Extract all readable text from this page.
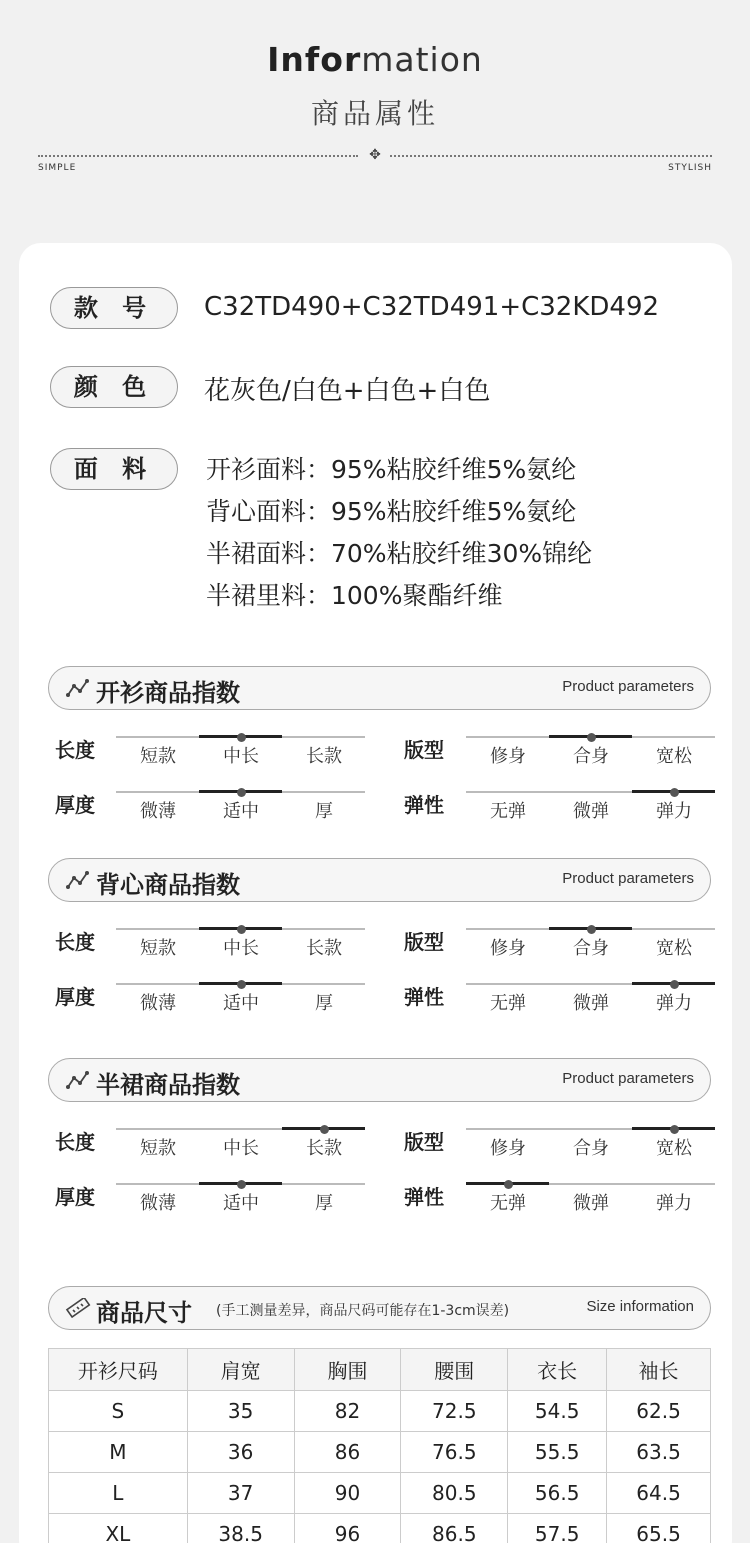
Information
商品属性
✥
SIMPLE	STYLISH
款 号	C32TD490+C32TD491+C32KD492
颜 色	花灰色/白色+白色+白色
面 料	开衫面料：95%粘胶纤维5%氨纶
背心面料：95%粘胶纤维5%氨纶
半裙面料：70%粘胶纤维30%锦纶
半裙里料：100%聚酯纤维
开衫商品指数	Product parameters
长度	短款	中长	长款	版型	修身	合身	宽松
厚度	微薄	适中	厚	弹性	无弹	微弹	弹力
背心商品指数	Product parameters
长度	短款	中长	长款	版型	修身	合身	宽松
厚度	微薄	适中	厚	弹性	无弹	微弹	弹力
半裙商品指数	Product parameters
长度	短款	中长	长款	版型	修身	合身	宽松
厚度	微薄	适中	厚	弹性	无弹	微弹	弹力
商品尺寸 (手工测量差异，商品尺码可能存在1-3cm误差)	Size information
开衫尺码	肩宽	胸围	腰围	衣长	袖长
S	35	82	72.5	54.5	62.5
M	36	86	76.5	55.5	63.5
L	37	90	80.5	56.5	64.5
XL	38.5	96	86.5	57.5	65.5
